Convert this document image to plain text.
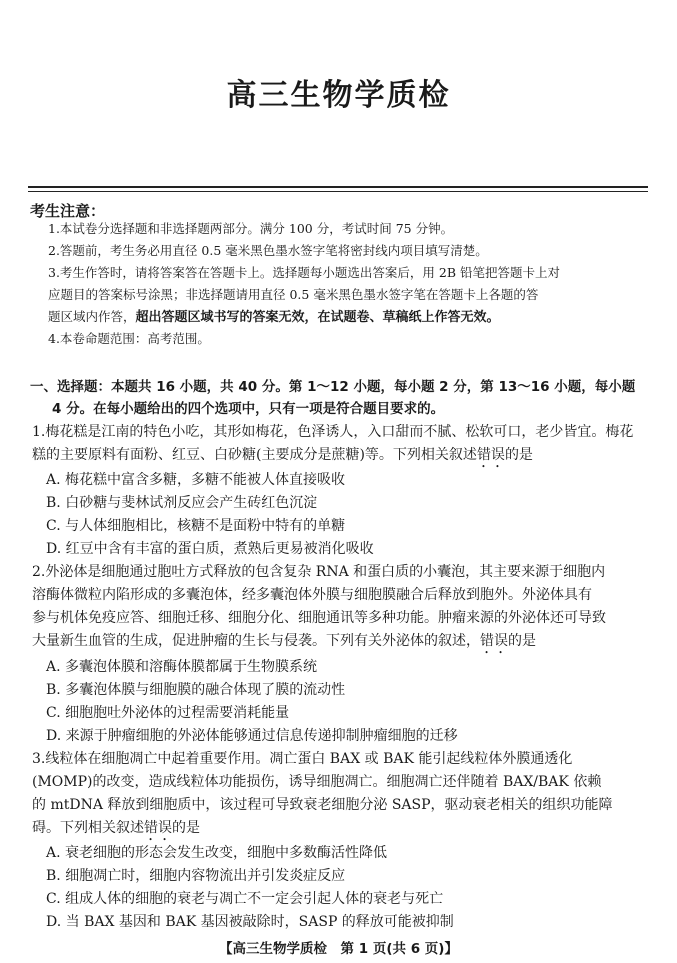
高三生物学质检
考生注意：
1.本试卷分选择题和非选择题两部分。满分 100 分，考试时间 75 分钟。
2.答题前，考生务必用直径 0.5 毫米黑色墨水签字笔将密封线内项目填写清楚。
3.考生作答时，请将答案答在答题卡上。选择题每小题选出答案后，用 2B 铅笔把答题卡上对
应题目的答案标号涂黑；非选择题请用直径 0.5 毫米黑色墨水签字笔在答题卡上各题的答
题区域内作答，超出答题区域书写的答案无效，在试题卷、草稿纸上作答无效。
4.本卷命题范围：高考范围。
一、选择题：本题共 16 小题，共 40 分。第 1～12 小题，每小题 2 分，第 13～16 小题，每小题
4 分。在每小题给出的四个选项中，只有一项是符合题目要求的。
1.梅花糕是江南的特色小吃，其形如梅花，色泽诱人，入口甜而不腻、松软可口，老少皆宜。梅花
糕的主要原料有面粉、红豆、白砂糖(主要成分是蔗糖)等。下列相关叙述错误的是
A. 梅花糕中富含多糖，多糖不能被人体直接吸收
B. 白砂糖与斐林试剂反应会产生砖红色沉淀
C. 与人体细胞相比，核糖不是面粉中特有的单糖
D. 红豆中含有丰富的蛋白质，煮熟后更易被消化吸收
2.外泌体是细胞通过胞吐方式释放的包含复杂 RNA 和蛋白质的小囊泡，其主要来源于细胞内
溶酶体微粒内陷形成的多囊泡体，经多囊泡体外膜与细胞膜融合后释放到胞外。外泌体具有
参与机体免疫应答、细胞迁移、细胞分化、细胞通讯等多种功能。肿瘤来源的外泌体还可导致
大量新生血管的生成，促进肿瘤的生长与侵袭。下列有关外泌体的叙述，错误的是
A. 多囊泡体膜和溶酶体膜都属于生物膜系统
B. 多囊泡体膜与细胞膜的融合体现了膜的流动性
C. 细胞胞吐外泌体的过程需要消耗能量
D. 来源于肿瘤细胞的外泌体能够通过信息传递抑制肿瘤细胞的迁移
3.线粒体在细胞凋亡中起着重要作用。凋亡蛋白 BAX 或 BAK 能引起线粒体外膜通透化
(MOMP)的改变，造成线粒体功能损伤，诱导细胞凋亡。细胞凋亡还伴随着 BAX/BAK 依赖
的 mtDNA 释放到细胞质中，该过程可导致衰老细胞分泌 SASP，驱动衰老相关的组织功能障
碍。下列相关叙述错误的是
A. 衰老细胞的形态会发生改变，细胞中多数酶活性降低
B. 细胞凋亡时，细胞内容物流出并引发炎症反应
C. 组成人体的细胞的衰老与凋亡不一定会引起人体的衰老与死亡
D. 当 BAX 基因和 BAK 基因被敲除时，SASP 的释放可能被抑制
【高三生物学质检　第 1 页(共 6 页)】
